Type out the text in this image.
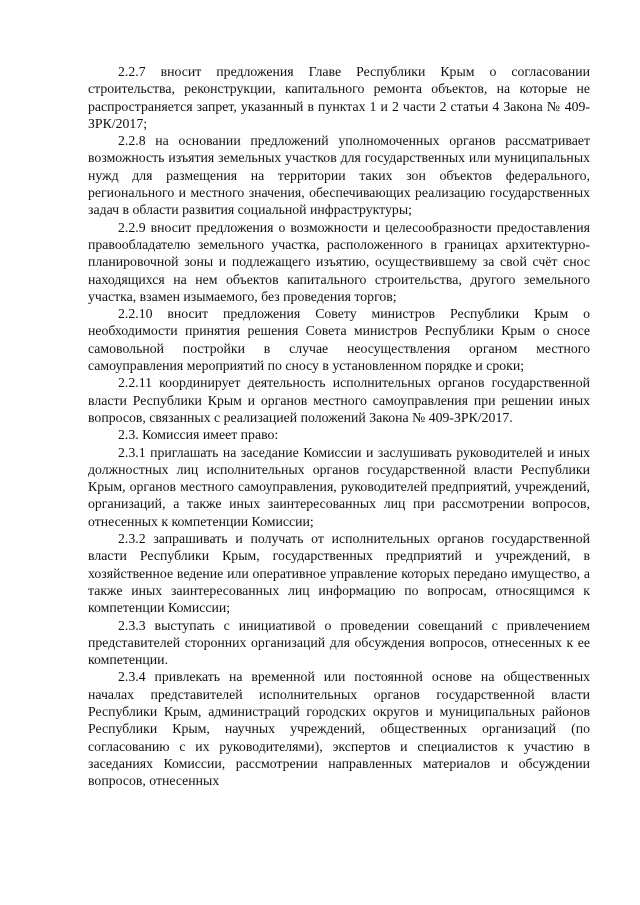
2.2.7 вносит предложения Главе Республики Крым о согласовании строительства, реконструкции, капитального ремонта объектов, на которые не распространяется запрет, указанный в пунктах 1 и 2 части 2 статьи 4 Закона № 409-ЗРК/2017;

2.2.8 на основании предложений уполномоченных органов рассматривает возможность изъятия земельных участков для государственных или муниципальных нужд для размещения на территории таких зон объектов федерального, регионального и местного значения, обеспечивающих реализацию государственных задач в области развития социальной инфраструктуры;

2.2.9 вносит предложения о возможности и целесообразности предоставления правообладателю земельного участка, расположенного в границах архитектурно-планировочной зоны и подлежащего изъятию, осуществившему за свой счёт снос находящихся на нем объектов капитального строительства, другого земельного участка, взамен изымаемого, без проведения торгов;

2.2.10 вносит предложения Совету министров Республики Крым о необходимости принятия решения Совета министров Республики Крым о сносе самовольной постройки в случае неосуществления органом местного самоуправления мероприятий по сносу в установленном порядке и сроки;

2.2.11 координирует деятельность исполнительных органов государственной власти Республики Крым и органов местного самоуправления при решении иных вопросов, связанных с реализацией положений Закона № 409-ЗРК/2017.

2.3. Комиссия имеет право:

2.3.1 приглашать на заседание Комиссии и заслушивать руководителей и иных должностных лиц исполнительных органов государственной власти Республики Крым, органов местного самоуправления, руководителей предприятий, учреждений, организаций, а также иных заинтересованных лиц при рассмотрении вопросов, отнесенных к компетенции Комиссии;

2.3.2 запрашивать и получать от исполнительных органов государственной власти Республики Крым, государственных предприятий и учреждений, в хозяйственное ведение или оперативное управление которых передано имущество, а также иных заинтересованных лиц информацию по вопросам, относящимся к компетенции Комиссии;

2.3.3 выступать с инициативой о проведении совещаний с привлечением представителей сторонних организаций для обсуждения вопросов, отнесенных к ее компетенции.

2.3.4 привлекать на временной или постоянной основе на общественных началах представителей исполнительных органов государственной власти Республики Крым, администраций городских округов и муниципальных районов Республики Крым, научных учреждений, общественных организаций (по согласованию с их руководителями), экспертов и специалистов к участию в заседаниях Комиссии, рассмотрении направленных материалов и обсуждении вопросов, отнесенных
